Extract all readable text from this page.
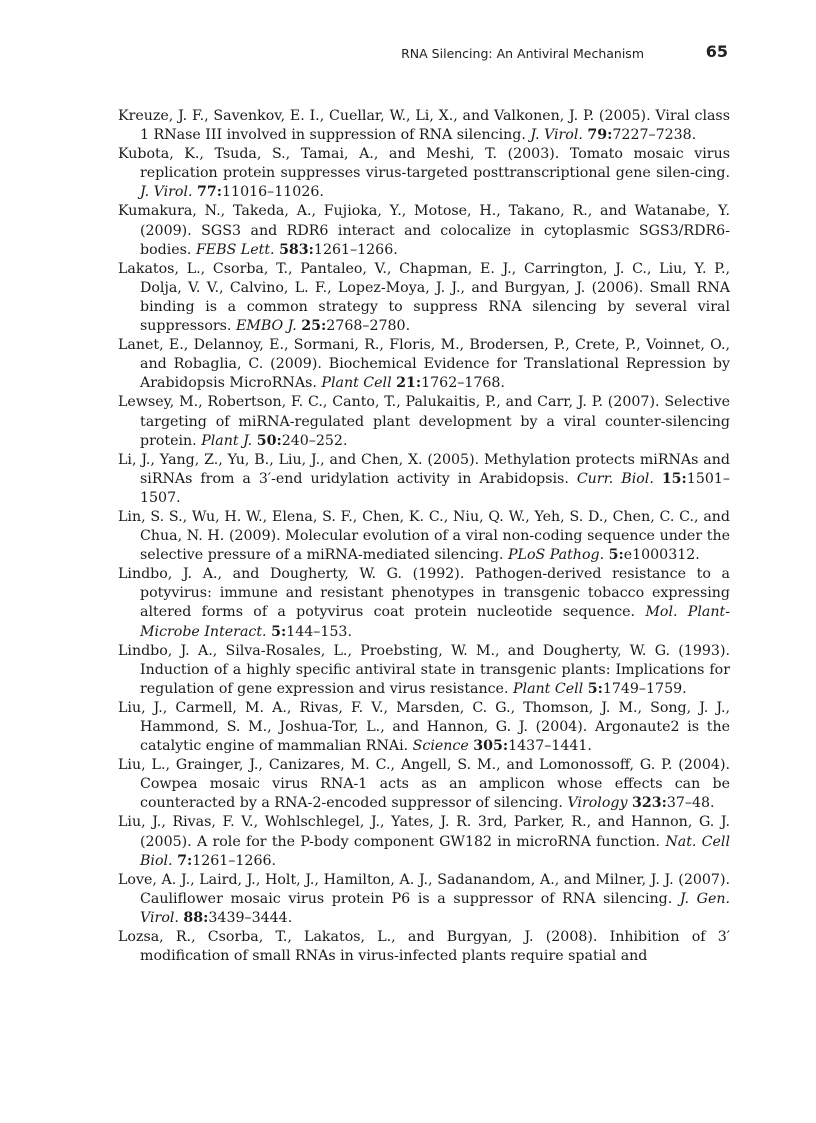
RNA Silencing: An Antiviral Mechanism	65

Kreuze, J. F., Savenkov, E. I., Cuellar, W., Li, X., and Valkonen, J. P. (2005). Viral class 1 RNase III involved in suppression of RNA silencing. J. Virol. 79:7227–7238.

Kubota, K., Tsuda, S., Tamai, A., and Meshi, T. (2003). Tomato mosaic virus replication protein suppresses virus-targeted posttranscriptional gene silen-cing. J. Virol. 77:11016–11026.

Kumakura, N., Takeda, A., Fujioka, Y., Motose, H., Takano, R., and Watanabe, Y. (2009). SGS3 and RDR6 interact and colocalize in cytoplasmic SGS3/RDR6-bodies. FEBS Lett. 583:1261–1266.

Lakatos, L., Csorba, T., Pantaleo, V., Chapman, E. J., Carrington, J. C., Liu, Y. P., Dolja, V. V., Calvino, L. F., Lopez-Moya, J. J., and Burgyan, J. (2006). Small RNA binding is a common strategy to suppress RNA silencing by several viral suppressors. EMBO J. 25:2768–2780.

Lanet, E., Delannoy, E., Sormani, R., Floris, M., Brodersen, P., Crete, P., Voinnet, O., and Robaglia, C. (2009). Biochemical Evidence for Translational Repression by Arabidopsis MicroRNAs. Plant Cell 21:1762–1768.

Lewsey, M., Robertson, F. C., Canto, T., Palukaitis, P., and Carr, J. P. (2007). Selective targeting of miRNA-regulated plant development by a viral counter-silencing protein. Plant J. 50:240–252.

Li, J., Yang, Z., Yu, B., Liu, J., and Chen, X. (2005). Methylation protects miRNAs and siRNAs from a 3′-end uridylation activity in Arabidopsis. Curr. Biol. 15:1501–1507.

Lin, S. S., Wu, H. W., Elena, S. F., Chen, K. C., Niu, Q. W., Yeh, S. D., Chen, C. C., and Chua, N. H. (2009). Molecular evolution of a viral non-coding sequence under the selective pressure of a miRNA-mediated silencing. PLoS Pathog. 5:e1000312.

Lindbo, J. A., and Dougherty, W. G. (1992). Pathogen-derived resistance to a potyvirus: immune and resistant phenotypes in transgenic tobacco expressing altered forms of a potyvirus coat protein nucleotide sequence. Mol. Plant-Microbe Interact. 5:144–153.

Lindbo, J. A., Silva-Rosales, L., Proebsting, W. M., and Dougherty, W. G. (1993). Induction of a highly specific antiviral state in transgenic plants: Implications for regulation of gene expression and virus resistance. Plant Cell 5:1749–1759.

Liu, J., Carmell, M. A., Rivas, F. V., Marsden, C. G., Thomson, J. M., Song, J. J., Hammond, S. M., Joshua-Tor, L., and Hannon, G. J. (2004). Argonaute2 is the catalytic engine of mammalian RNAi. Science 305:1437–1441.

Liu, L., Grainger, J., Canizares, M. C., Angell, S. M., and Lomonossoff, G. P. (2004). Cowpea mosaic virus RNA-1 acts as an amplicon whose effects can be counteracted by a RNA-2-encoded suppressor of silencing. Virology 323:37–48.

Liu, J., Rivas, F. V., Wohlschlegel, J., Yates, J. R. 3rd, Parker, R., and Hannon, G. J. (2005). A role for the P-body component GW182 in microRNA function. Nat. Cell Biol. 7:1261–1266.

Love, A. J., Laird, J., Holt, J., Hamilton, A. J., Sadanandom, A., and Milner, J. J. (2007). Cauliflower mosaic virus protein P6 is a suppressor of RNA silencing. J. Gen. Virol. 88:3439–3444.

Lozsa, R., Csorba, T., Lakatos, L., and Burgyan, J. (2008). Inhibition of 3′ modification of small RNAs in virus-infected plants require spatial and
